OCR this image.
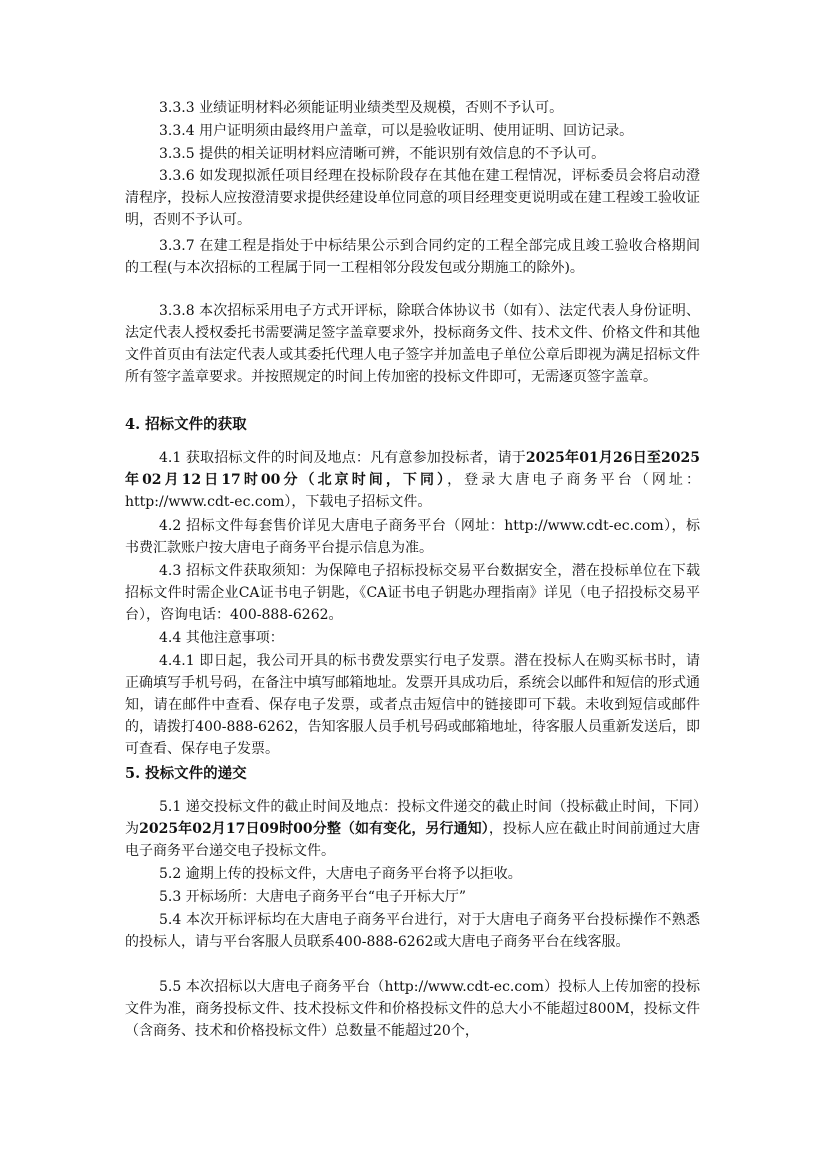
3.3.3 业绩证明材料必须能证明业绩类型及规模，否则不予认可。

3.3.4 用户证明须由最终用户盖章，可以是验收证明、使用证明、回访记录。

3.3.5 提供的相关证明材料应清晰可辨，不能识别有效信息的不予认可。

3.3.6 如发现拟派任项目经理在投标阶段存在其他在建工程情况，评标委员会将启动澄清程序，投标人应按澄清要求提供经建设单位同意的项目经理变更说明或在建工程竣工验收证明，否则不予认可。

3.3.7 在建工程是指处于中标结果公示到合同约定的工程全部完成且竣工验收合格期间的工程(与本次招标的工程属于同一工程相邻分段发包或分期施工的除外)。

3.3.8 本次招标采用电子方式开评标，除联合体协议书（如有）、法定代表人身份证明、法定代表人授权委托书需要满足签字盖章要求外，投标商务文件、技术文件、价格文件和其他文件首页由有法定代表人或其委托代理人电子签字并加盖电子单位公章后即视为满足招标文件所有签字盖章要求。并按照规定的时间上传加密的投标文件即可，无需逐页签字盖章。

4. 招标文件的获取

4.1 获取招标文件的时间及地点：凡有意参加投标者，请于2025年01月26日至2025年02月12日17时00分（北京时间，下同），登录大唐电子商务平台（网址：http://www.cdt-ec.com），下载电子招标文件。

4.2 招标文件每套售价详见大唐电子商务平台（网址：http://www.cdt-ec.com），标书费汇款账户按大唐电子商务平台提示信息为准。

4.3 招标文件获取须知：为保障电子招标投标交易平台数据安全，潜在投标单位在下载招标文件时需企业CA证书电子钥匙，《CA证书电子钥匙办理指南》详见（电子招投标交易平台），咨询电话：400-888-6262。

4.4 其他注意事项：

4.4.1 即日起，我公司开具的标书费发票实行电子发票。潜在投标人在购买标书时，请正确填写手机号码，在备注中填写邮箱地址。发票开具成功后，系统会以邮件和短信的形式通知，请在邮件中查看、保存电子发票，或者点击短信中的链接即可下载。未收到短信或邮件的，请拨打400-888-6262，告知客服人员手机号码或邮箱地址，待客服人员重新发送后，即可查看、保存电子发票。

5. 投标文件的递交

5.1 递交投标文件的截止时间及地点：投标文件递交的截止时间（投标截止时间，下同）为2025年02月17日09时00分整（如有变化，另行通知），投标人应在截止时间前通过大唐电子商务平台递交电子投标文件。

5.2 逾期上传的投标文件，大唐电子商务平台将予以拒收。

5.3 开标场所：大唐电子商务平台“电子开标大厅”

5.4 本次开标评标均在大唐电子商务平台进行，对于大唐电子商务平台投标操作不熟悉的投标人，请与平台客服人员联系400-888-6262或大唐电子商务平台在线客服。

5.5 本次招标以大唐电子商务平台（http://www.cdt-ec.com）投标人上传加密的投标文件为准，商务投标文件、技术投标文件和价格投标文件的总大小不能超过800M，投标文件（含商务、技术和价格投标文件）总数量不能超过20个，
